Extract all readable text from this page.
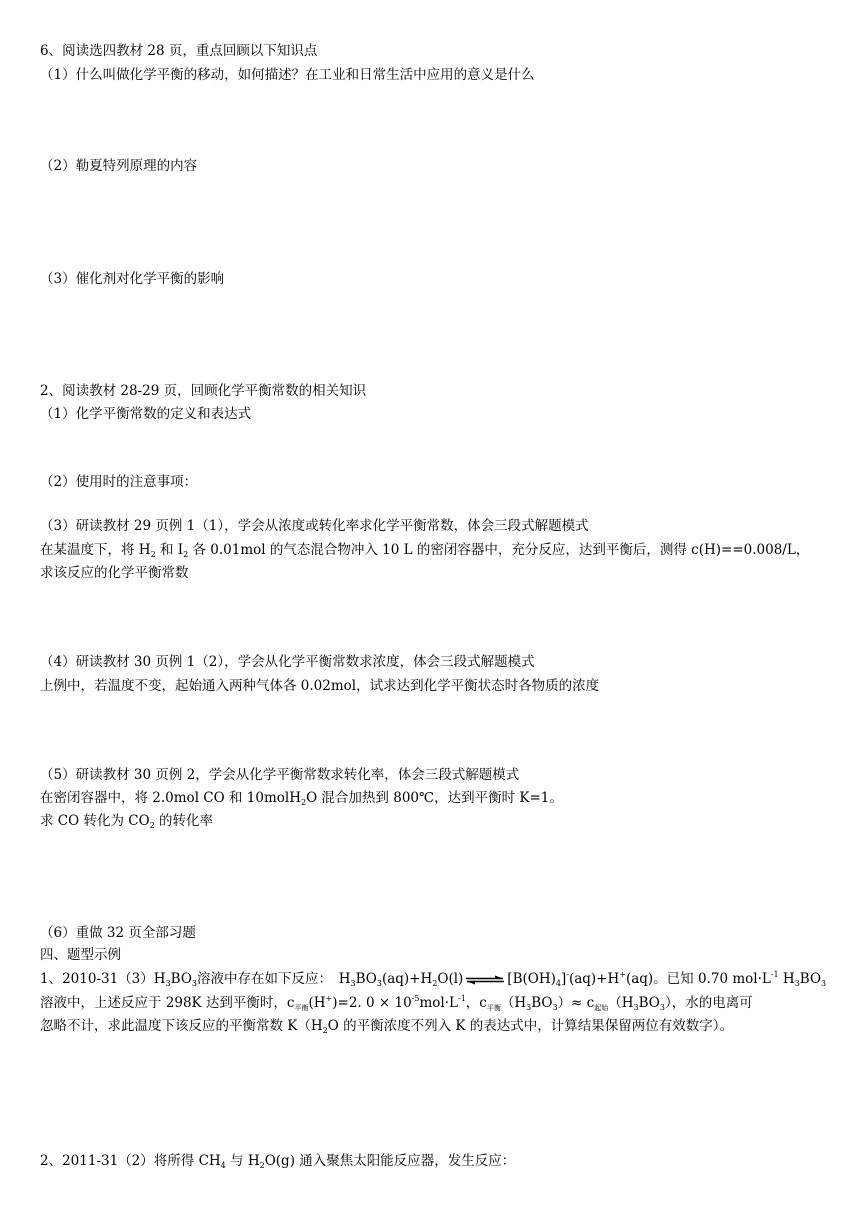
6、阅读选四教材 28 页，重点回顾以下知识点
（1）什么叫做化学平衡的移动，如何描述？在工业和日常生活中应用的意义是什么
（2）勒夏特列原理的内容
（3）催化剂对化学平衡的影响
2、阅读教材 28-29 页，回顾化学平衡常数的相关知识
（1）化学平衡常数的定义和表达式
（2）使用时的注意事项：
（3）研读教材 29 页例 1（1），学会从浓度或转化率求化学平衡常数，体会三段式解题模式
在某温度下，将 $H_2$ 和 $I_2$ 各 0.01mol 的气态混合物冲入 10 L 的密闭容器中，充分反应，达到平衡后，测得 c(H)==0.008/L，
求该反应的化学平衡常数
（4）研读教材 30 页例 1（2），学会从化学平衡常数求浓度，体会三段式解题模式
上例中，若温度不变，起始通入两种气体各 0.02mol，试求达到化学平衡状态时各物质的浓度
（5）研读教材 30 页例 2，学会从化学平衡常数求转化率，体会三段式解题模式
在密闭容器中，将 2.0mol CO 和 10molH$_2$O 混合加热到 800℃，达到平衡时 K=1。
求 CO 转化为 $CO_2$ 的转化率
（6）重做 32 页全部习题
四、题型示例
1、$2010-31(3)H_3BO_3$溶液中存在如下反应：　$H_3BO_3(aq)+H_2O(l)$ ⇌ $[B(OH)_4]^-(aq)+H^+(aq)$。已知 0.70 $mol\cdot L^{-1}$ $H_3BO_3$
溶液中，上述反应于 298K 达到平衡时，$c_{平衡}(H^+)=2$. $0 \times 10^{-5}mol\cdot L^{-1}$，$c_{平衡}(H_3BO_3)\approx c_{起始}(H_3BO_3)$，水的电离可
忽略不计，求此温度下该反应的平衡常数 $K(H_2O$ 的平衡浓度不列入 K 的表达式中，计算结果保留两位有效数字）。
2、2011-31（2）将所得 $CH_4$ 与 $H_2O(g)$ 通入聚焦太阳能反应器，发生反应：
